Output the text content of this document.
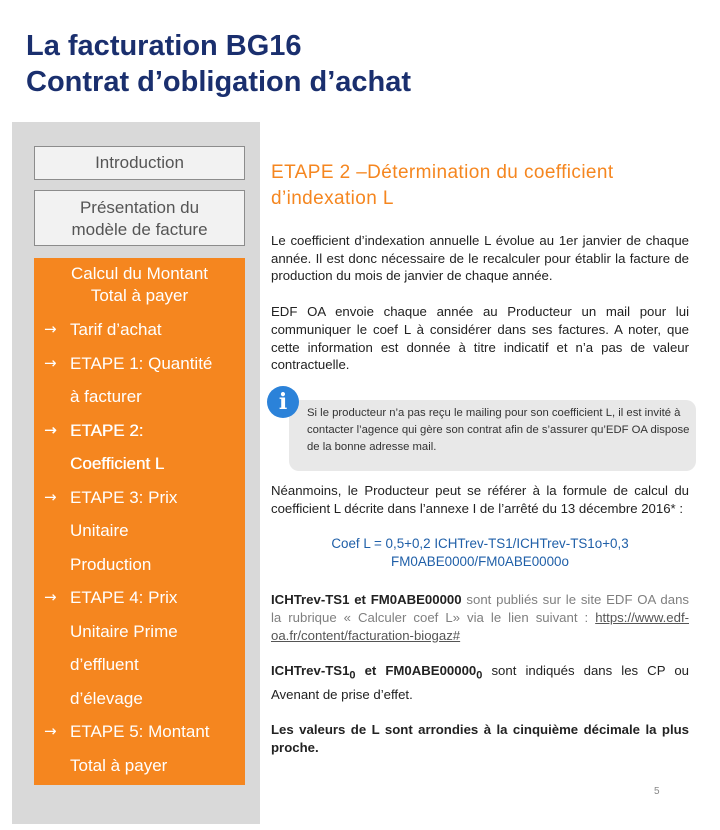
La facturation BG16
Contrat d’obligation d’achat
Introduction
Présentation du
modèle de facture
Calcul du Montant
Total à payer
→ Tarif d’achat
→ ETAPE 1: Quantité
à facturer
→ ETAPE 2:
Coefficient L
→ ETAPE 3: Prix
Unitaire
Production
→ ETAPE 4: Prix
Unitaire Prime
d’effluent
d’élevage
→ ETAPE 5: Montant
Total à payer
ETAPE 2 –Détermination du coefficient d’indexation L

Le coefficient d’indexation annuelle L évolue au 1er janvier de chaque année. Il est donc nécessaire de le recalculer pour établir la facture de production du mois de janvier de chaque année.

EDF OA envoie chaque année au Producteur un mail pour lui communiquer le coef L à considérer dans ses factures. A noter, que cette information est donnée à titre indicatif et n’a pas de valeur contractuelle.

Si le producteur n’a pas reçu le mailing pour son coefficient L, il est invité à contacter l’agence qui gère son contrat afin de s’assurer qu’EDF OA dispose de la bonne adresse mail.
i

Néanmoins, le Producteur peut se référer à la formule de calcul du coefficient L décrite dans l’annexe I de l’arrêté du 13 décembre 2016* :

Coef L = 0,5+0,2 ICHTrev-TS1/ICHTrev-TS1o+0,3
FM0ABE0000/FM0ABE0000o

ICHTrev-TS1 et FM0ABE00000 sont publiés sur le site EDF OA dans la rubrique « Calculer coef L» via le lien suivant : https://www.edf-oa.fr/content/facturation-biogaz#

ICHTrev-$TS1_0$ et $FM0ABE00000_0$ sont indiqués dans les CP ou Avenant de prise d’effet.

Les valeurs de L sont arrondies à la cinquième décimale la plus proche.

5
